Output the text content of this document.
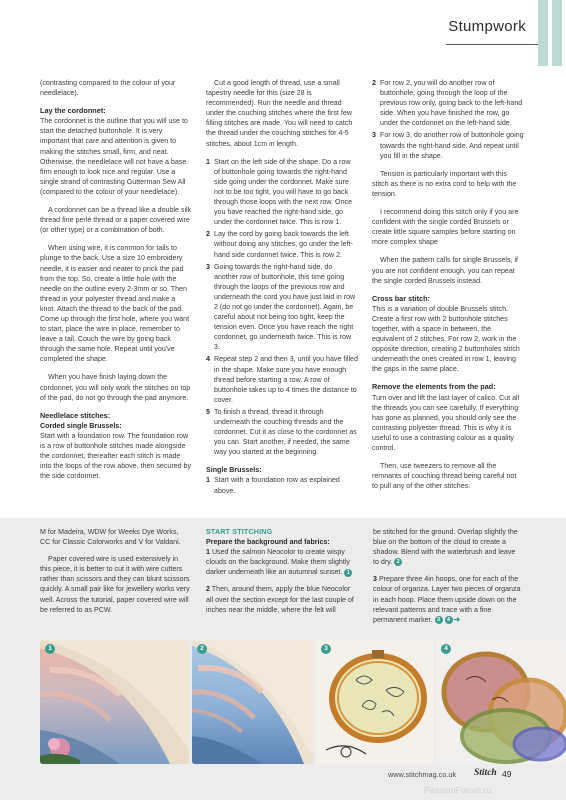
Stumpwork

(contrasting compared to the colour of your needlelace).

Lay the cordonnet:

The cordonnet is the outline that you will use to start the detached buttonhole. It is very important that care and attention is given to making the stitches small, firm, and neat. Otherwise, the needlelace will not have a base firm enough to look nice and regular. Use a single strand of contrasting Gutterman Sew All (compared to the colour of your needlelace).

A cordonnet can be a thread like a double silk thread fine perlé thread or a paper covered wire (or other type) or a combination of both.

When using wire, it is common for tails to plunge to the back. Use a size 10 embroidery needle, it is easier and neater to prick the pad from the top. So, create a little hole with the needle on the outline every 2-3mm or so. Then thread in your polyester thread and make a knot. Attach the thread to the back of the pad. Come up through the first hole, where you want to start, place the wire in place, remember to leave a tail. Couch the wire by going back through the same hole. Repeat until you've completed the shape.

When you have finish laying down the cordonnet, you will only work the stitches on top of the pad, do not go through the pad anymore.

Needlelace stitches:
Corded single Brussels:

Start with a foundation row. The foundation row is a row of buttonhole stitches made alongside the cordonnet, thereafter each stitch is made into the loops of the row above, then secured by the side cordonnet.

Cut a good length of thread, use a small tapestry needle for this (size 28 is recommended). Run the needle and thread under the couching stitches where the first few filling stitches are made. You will need to catch the thread under the couching stitches for 4-5 stitches, about 1cm in length.

1 Start on the left side of the shape. Do a row of buttonhole going towards the right-hand side going under the cordonnet. Make sure not to be too tight, you will have to go back through those loops with the next row. Once you have reached the right-hand side, go under the cordonnet twice. This is row 1.
2 Lay the cord by going back towards the left without doing any stitches, go under the left-hand side cordonnet twice. This is row 2.
3 Going towards the right-hand side, do another row of buttonhole, this time going through the loops of the previous row and underneath the cord you have just laid in row 2 (do not go under the cordonnet). Again, be careful about not being too tight, keep the tension even. Once you have reach the right cordonnet, go underneath twice. This is row 3.
4 Repeat step 2 and then 3, until you have filled in the shape. Make sure you have enough thread before starting a row. A row of buttonhole takes up to 4 times the distance to cover.
5 To finish a thread, thread it through underneath the couching threads and the cordonnet. Cut it as close to the cordonnet as you can. Start another, if needed, the same way you started at the beginning.
Single Brussels:
1 Start with a foundation row as explained above.
2 For row 2, you will do another row of buttonhole, going through the loop of the previous row only, going back to the left-hand side. When you have finished the row, go under the cordonnet on the left-hand side.
3 For row 3, do another row of buttonhole going towards the right-hand side. And repeat until you fill in the shape.

Tension is particularly important with this stitch as there is no extra cord to help with the tension.

I recommend doing this stitch only if you are confident with the single corded Brussels or create little square samples before starting on more complex shape

When the pattern calls for single Brussels, if you are not confident enough, you can repeat the single corded Brussels instead.

Cross bar stitch:

This is a variation of double Brussels stitch. Create a first row with 2 buttonhole stitches together, with a space in between, the equivalent of 2 stitches. For row 2, work in the opposite direction, creating 2 buttonholes stitch underneath the ones created in row 1, leaving the gaps in the same place.

Remove the elements from the pad:

Turn over and lift the last layer of calico. Cut all the threads you can see carefully. If everything has gone as planned, you should only see the contrasting polyester thread. This is why it is useful to use a contrasting colour as a quality control.

Then, use tweezers to remove all the remnants of couching thread being careful not to pull any of the other stitches.

M for Madeira, WDW for Weeks Dye Works, CC for Classic Colorworks and V for Valdani.

Paper covered wire is used extensively in this piece, it is better to cut it with wire cutters rather than scissors and they can blunt scissors quickly. A small pair like for jewellery works very well. Across the tutorial, paper covered wire will be referred to as PCW.

START STITCHING
Prepare the background and fabrics:

1 Used the salmon Neocolor to create wispy clouds on the background. Make them slightly darker underneath like an autumnal sunset. 1

2 Then, around them, apply the blue Neocolor all over the section except for the last couple of inches near the middle, where the felt will

be stitched for the ground. Overlap slightly the blue on the bottom of the cloud to create a shadow. Blend with the waterbrush and leave to dry. 2

3 Prepare three 4in hoops, one for each of the colour of organza. Layer two pieces of organza in each hoop. Place them upside down on the relevant patterns and trace with a fine permanent marker. 3 4 ➜

1	2	3	4
www.stitchmag.co.uk Stitch 49
PassionForum.ru
